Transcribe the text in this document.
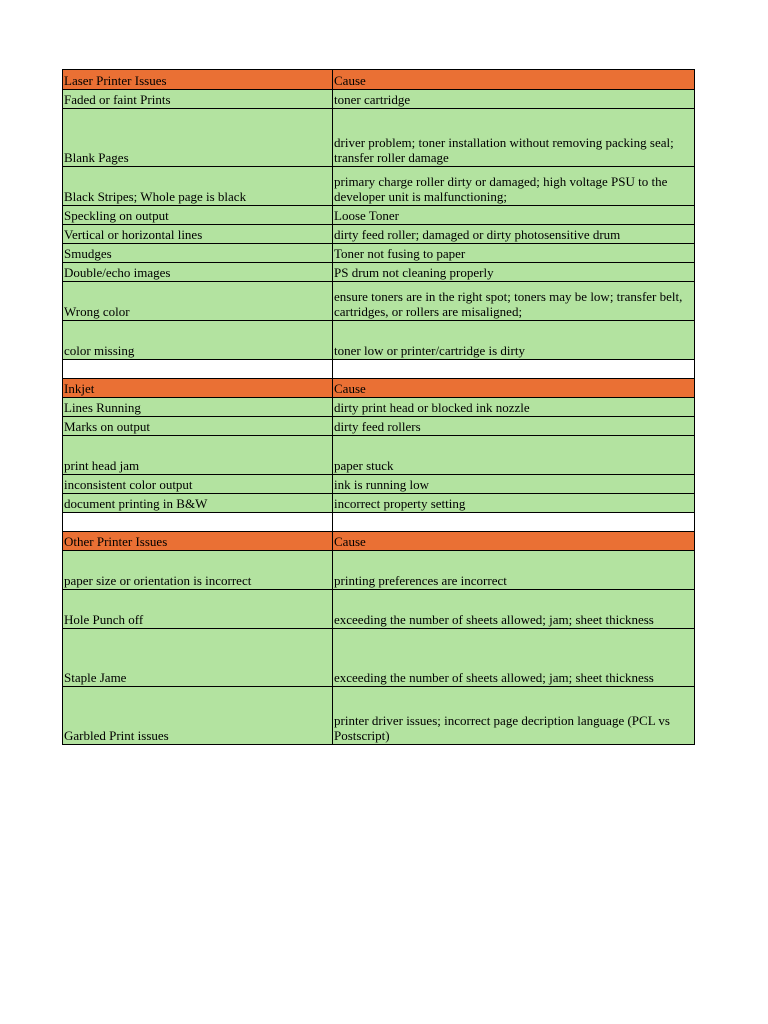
Laser Printer Issues	Cause
Faded or faint Prints	toner cartridge
Blank Pages	driver problem; toner installation without removing packing seal; transfer roller damage
Black Stripes; Whole page is black	primary charge roller dirty or damaged; high voltage PSU to the developer unit is malfunctioning;
Speckling on output	Loose Toner
Vertical or horizontal lines	dirty feed roller; damaged or dirty photosensitive drum
Smudges	Toner not fusing to paper
Double/echo images	PS drum not cleaning properly
Wrong color	ensure toners are in the right spot; toners may be low; transfer belt, cartridges, or rollers are misaligned;
color missing	toner low or printer/cartridge is dirty

Inkjet	Cause
Lines Running	dirty print head or blocked ink nozzle
Marks on output	dirty feed rollers
print head jam	paper stuck
inconsistent color output	ink is running low
document printing in B&W	incorrect property setting

Other Printer Issues	Cause
paper size or orientation is incorrect	printing preferences are incorrect
Hole Punch off	exceeding the number of sheets allowed; jam; sheet thickness
Staple Jame	exceeding the number of sheets allowed; jam; sheet thickness
Garbled Print issues	printer driver issues; incorrect page decription language (PCL vs Postscript)
